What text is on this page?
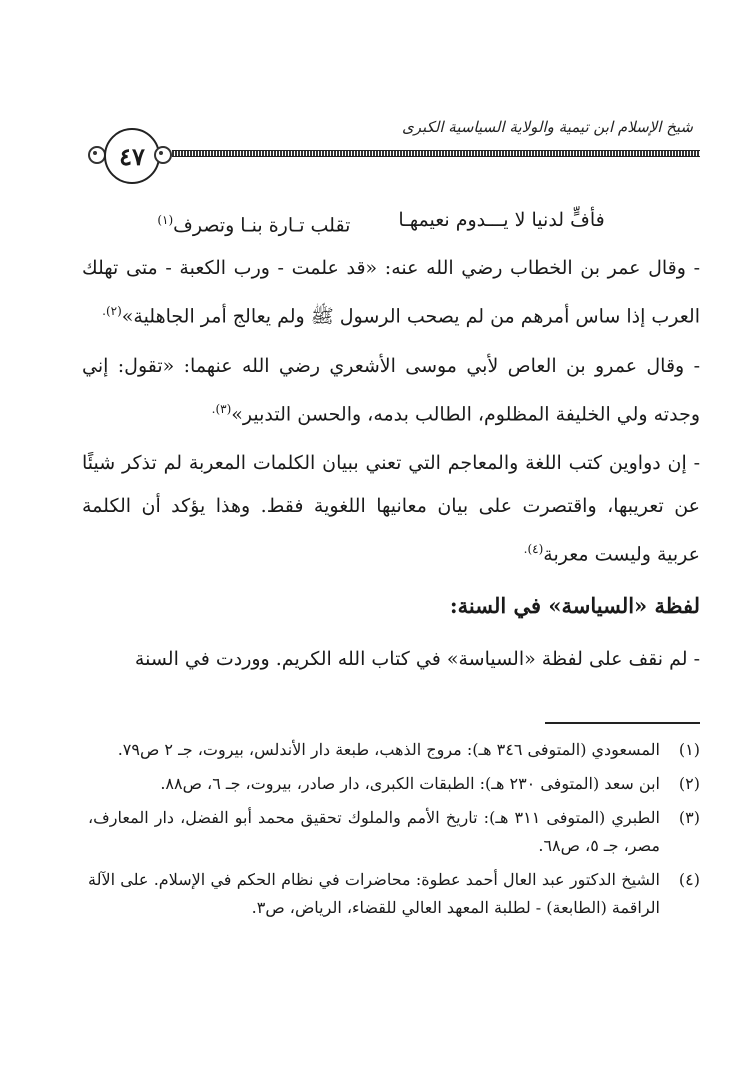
شيخ الإسلام ابن تيمية والولاية السياسية الكبرى
٤٧
فأفٍّ لدنيا لا يـــدوم نعيمهـا
تقلب تـارة بنـا وتصرف$^{(١)}$

- وقال عمر بن الخطاب رضي الله عنه: «قد علمت - ورب الكعبة - متى تهلك العرب إذا ساس أمرهم من لم يصحب الرسول ﷺ ولم يعالج أمر الجاهلية»$^{(٢).}$

- وقال عمرو بن العاص لأبي موسى الأشعري رضي الله عنهما: «تقول: إني وجدته ولي الخليفة المظلوم، الطالب بدمه، والحسن التدبير»$^{(٣).}$

- إن دواوين كتب اللغة والمعاجم التي تعني ببيان الكلمات المعربة لم تذكر شيئًا عن تعريبها، واقتصرت على بيان معانيها اللغوية فقط. وهذا يؤكد أن الكلمة عربية وليست معربة$^{(٤).}$

لفظة «السياسة» في السنة:

- لم نقف على لفظة «السياسة» في كتاب الله الكريم. ووردت في السنة

(١)
المسعودي (المتوفى ٣٤٦ هـ): مروج الذهب، طبعة دار الأندلس، بيروت، جـ ٢ ص٧٩.
(٢)
ابن سعد (المتوفى ٢٣٠ هـ): الطبقات الكبرى، دار صادر، بيروت، جـ ٦، ص٨٨.
(٣)
الطبري (المتوفى ٣١١ هـ): تاريخ الأمم والملوك تحقيق محمد أبو الفضل، دار المعارف، مصر، جـ ٥، ص٦٨.
(٤)
الشيخ الدكتور عبد العال أحمد عطوة: محاضرات في نظام الحكم في الإسلام. على الآلة الراقمة (الطابعة) - لطلبة المعهد العالي للقضاء، الرياض، ص٣.
